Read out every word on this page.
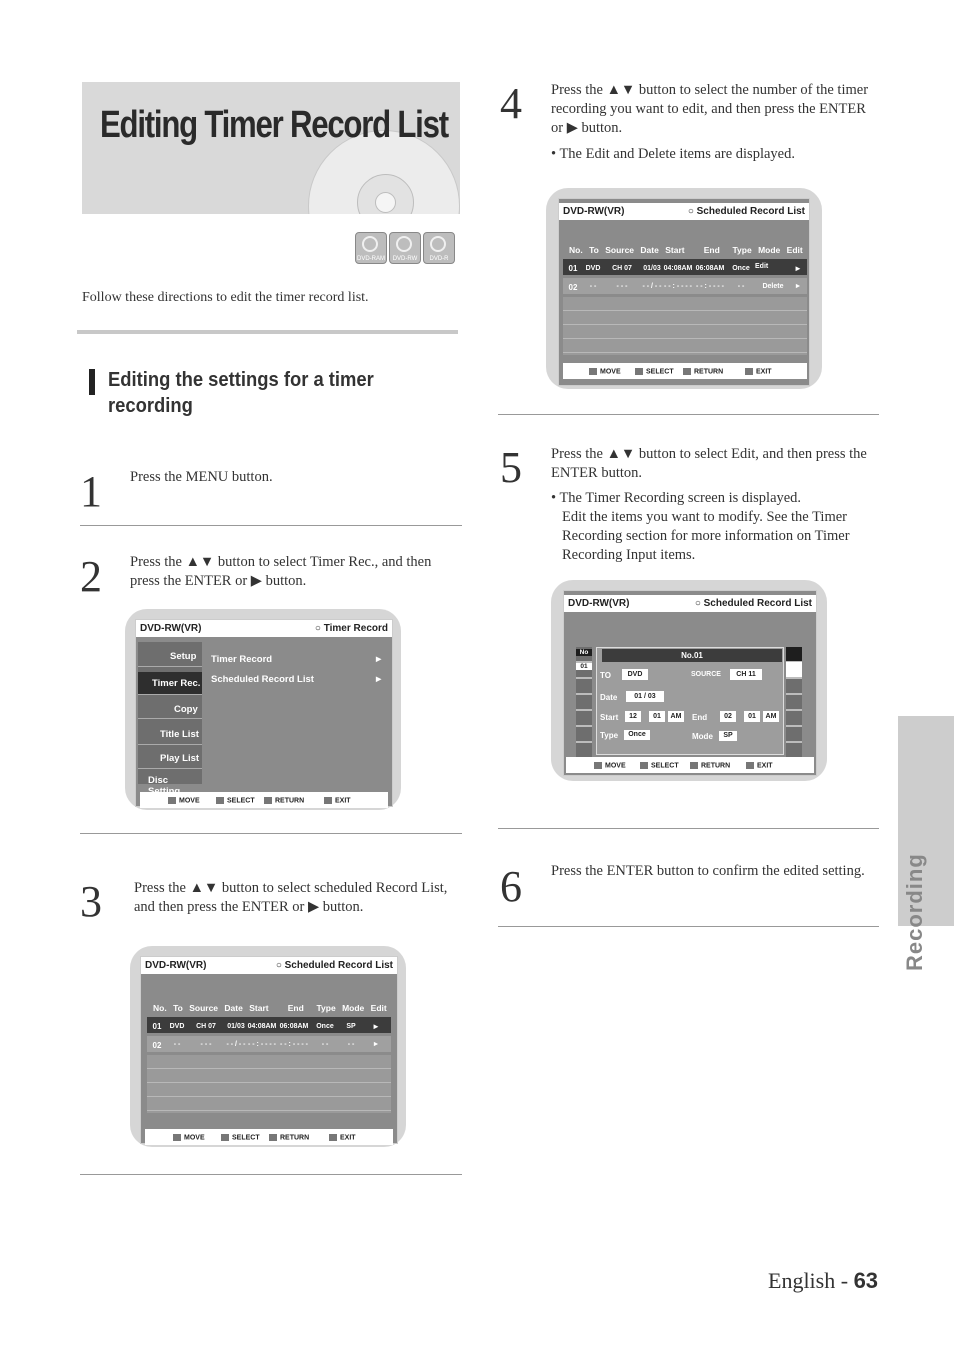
Editing Timer Record List
DVD-RAM	DVD-RW	DVD-R
Follow these directions to edit the timer record list.
Editing the settings for a timer recording
1 Press the MENU button.
2 Press the ▲▼ button to select Timer Rec., and then press the ENTER or ▶ button.
DVD-RW(VR)	○ Timer Record
Setup
Timer Rec.
Copy
Title List
Play List
Disc
Timer Record	►
Scheduled Record List	►
MOVE	SELECT	RETURN	EXIT
3 Press the ▲▼ button to select scheduled Record List, and then press the ENTER or ▶ button.
DVD-RW(VR)	○ Scheduled Record List
No. To Source Date Start End Type Mode Edit
01	DVD	CH 07	01/03 04:08AM 06:08AM	Once	SP	►
02	- -	- - -	- - / - - - - : - - - - - - : - - - -	- -	- -	►
MOVE	SELECT	RETURN	EXIT
4 Press the ▲▼ button to select the number of the timer recording you want to edit, and then press the ENTER or ▶ button.
• The Edit and Delete items are displayed.
DVD-RW(VR)	○ Scheduled Record List
No. To Source Date Start End Type Mode Edit
01	DVD	CH 07	01/03 04:08AM 06:08AM	Once Edit	►
02	- -	- - -	- - / - - - - : - - - - - - : - - - -	- -	Delete	►
MOVE	SELECT	RETURN	EXIT
5 Press the ▲▼ button to select Edit, and then press the ENTER button.
• The Timer Recording screen is displayed.
Edit the items you want to modify. See the Timer Recording section for more information on Timer Recording Input items.
DVD-RW(VR)	○ Scheduled Record List
No
01
No.01
TO	DVD	SOURCE	CH 11
Date	01 / 03
Start	12	01	AM	End	02	01	AM
Type	Once	Mode	SP
MOVE	SELECT	RETURN	EXIT
6 Press the ENTER button to confirm the edited setting. Recording
English - 63
